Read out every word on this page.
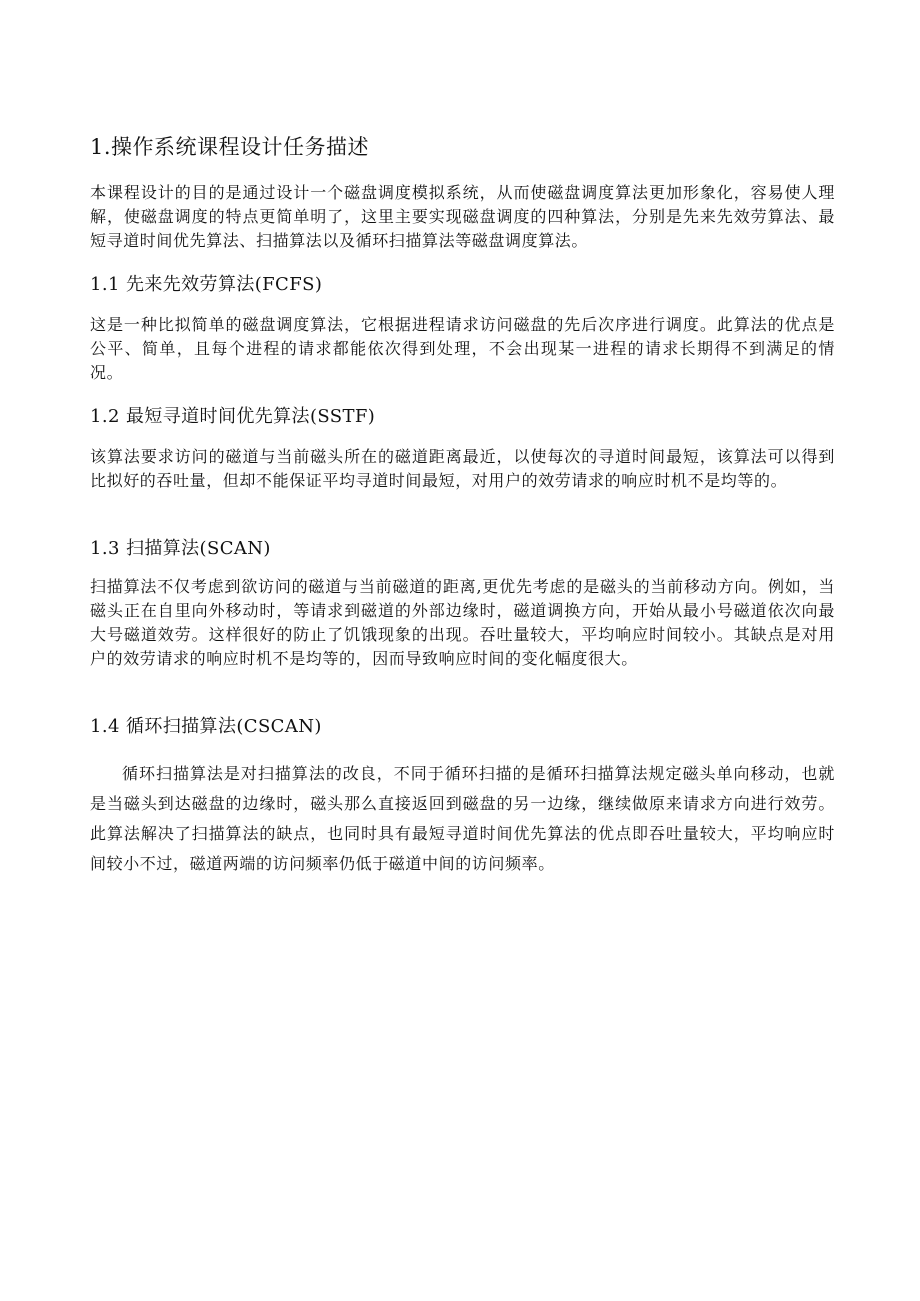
1.操作系统课程设计任务描述

本课程设计的目的是通过设计一个磁盘调度模拟系统，从而使磁盘调度算法更加形象化，容易使人理解，使磁盘调度的特点更简单明了，这里主要实现磁盘调度的四种算法，分别是先来先效劳算法、最短寻道时间优先算法、扫描算法以及循环扫描算法等磁盘调度算法。

1.1 先来先效劳算法(FCFS)

这是一种比拟简单的磁盘调度算法，它根据进程请求访问磁盘的先后次序进行调度。此算法的优点是公平、简单，且每个进程的请求都能依次得到处理，不会出现某一进程的请求长期得不到满足的情况。

1.2 最短寻道时间优先算法(SSTF)

该算法要求访问的磁道与当前磁头所在的磁道距离最近，以使每次的寻道时间最短，该算法可以得到比拟好的吞吐量，但却不能保证平均寻道时间最短，对用户的效劳请求的响应时机不是均等的。

1.3 扫描算法(SCAN)

扫描算法不仅考虑到欲访问的磁道与当前磁道的距离,更优先考虑的是磁头的当前移动方向。例如，当磁头正在自里向外移动时，等请求到磁道的外部边缘时，磁道调换方向，开始从最小号磁道依次向最大号磁道效劳。这样很好的防止了饥饿现象的出现。吞吐量较大，平均响应时间较小。其缺点是对用户的效劳请求的响应时机不是均等的，因而导致响应时间的变化幅度很大。

1.4 循环扫描算法(CSCAN)

循环扫描算法是对扫描算法的改良，不同于循环扫描的是循环扫描算法规定磁头单向移动，也就是当磁头到达磁盘的边缘时，磁头那么直接返回到磁盘的另一边缘，继续做原来请求方向进行效劳。此算法解决了扫描算法的缺点，也同时具有最短寻道时间优先算法的优点即吞吐量较大，平均响应时间较小不过，磁道两端的访问频率仍低于磁道中间的访问频率。
